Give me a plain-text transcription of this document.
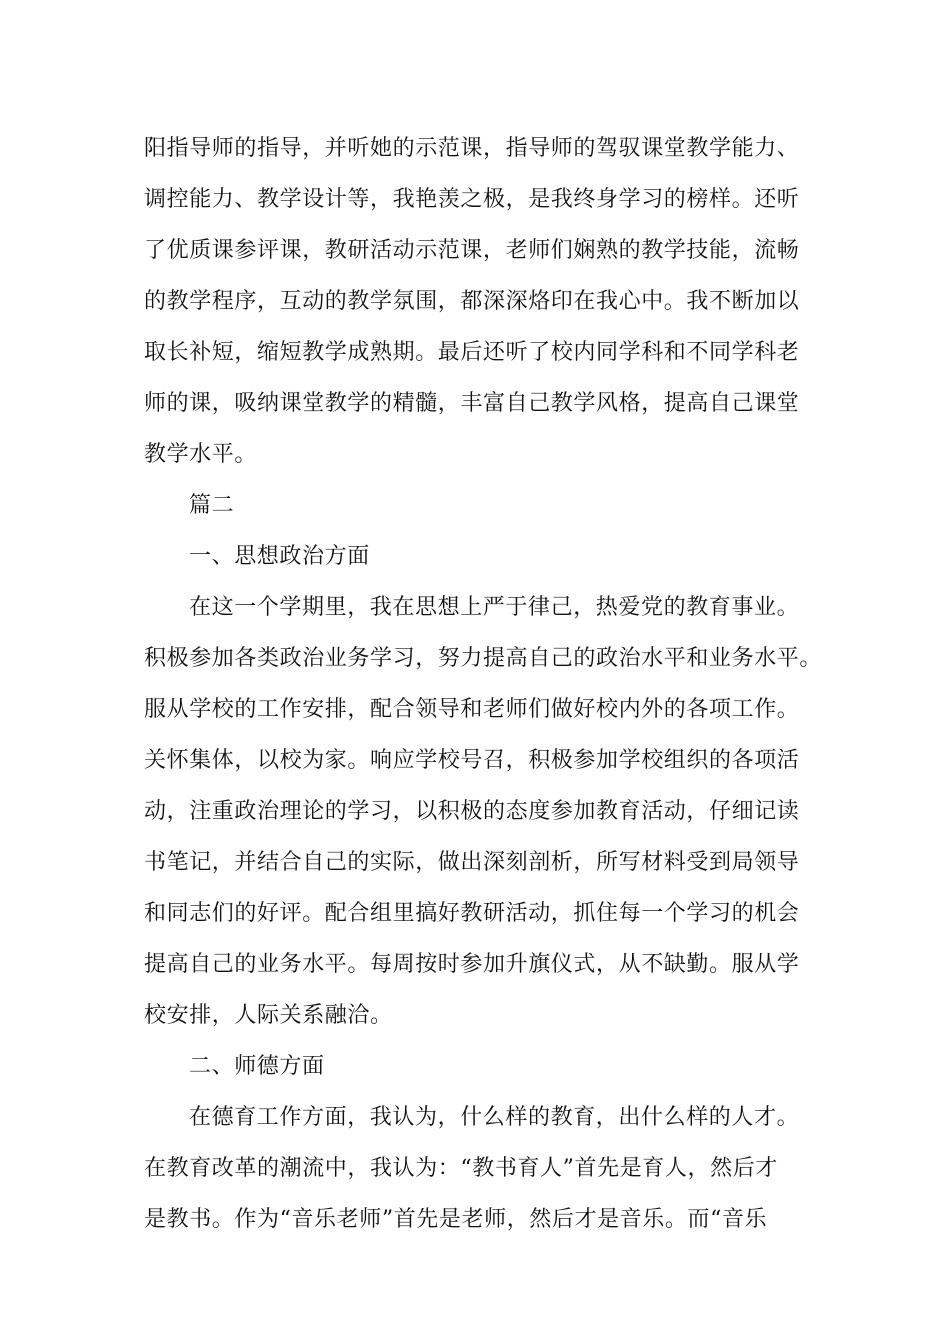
阳指导师的指导，并听她的示范课，指导师的驾驭课堂教学能力、
调控能力、教学设计等，我艳羡之极，是我终身学习的榜样。还听
了优质课参评课，教研活动示范课，老师们娴熟的教学技能，流畅
的教学程序，互动的教学氛围，都深深烙印在我心中。我不断加以
取长补短，缩短教学成熟期。最后还听了校内同学科和不同学科老
师的课，吸纳课堂教学的精髓，丰富自己教学风格，提高自己课堂
教学水平。
篇二
一、思想政治方面
在这一个学期里，我在思想上严于律己，热爱党的教育事业。
积极参加各类政治业务学习，努力提高自己的政治水平和业务水平。
服从学校的工作安排，配合领导和老师们做好校内外的各项工作。
关怀集体，以校为家。响应学校号召，积极参加学校组织的各项活
动，注重政治理论的学习，以积极的态度参加教育活动，仔细记读
书笔记，并结合自己的实际，做出深刻剖析，所写材料受到局领导
和同志们的好评。配合组里搞好教研活动，抓住每一个学习的机会
提高自己的业务水平。每周按时参加升旗仪式，从不缺勤。服从学
校安排，人际关系融洽。
二、师德方面
在德育工作方面，我认为，什么样的教育，出什么样的人才。
在教育改革的潮流中，我认为：“教书育人”首先是育人，然后才
是教书。作为“音乐老师”首先是老师，然后才是音乐。而“音乐
